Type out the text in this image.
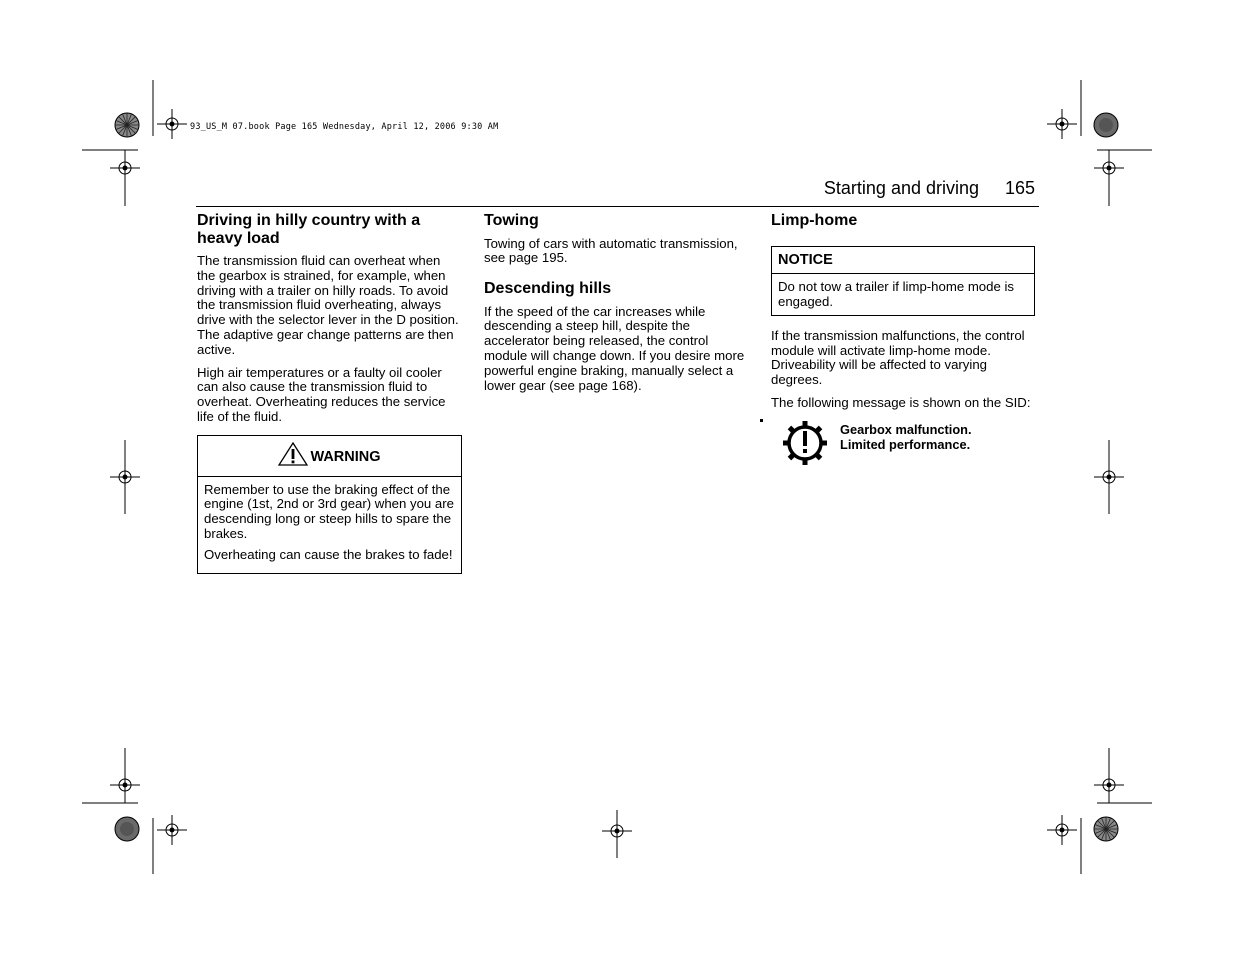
93_US_M 07.book Page 165 Wednesday, April 12, 2006 9:30 AM
Starting and driving 165
Driving in hilly country with a heavy load

The transmission fluid can overheat when the gearbox is strained, for example, when driving with a trailer on hilly roads. To avoid the transmission fluid overheating, always drive with the selector lever in the D position. The adaptive gear change patterns are then active.

High air temperatures or a faulty oil cooler can also cause the transmission fluid to overheat. Overheating reduces the service life of the fluid.

WARNING

Remember to use the braking effect of the engine (1st, 2nd or 3rd gear) when you are descending long or steep hills to spare the brakes.

Overheating can cause the brakes to fade!

Towing

Towing of cars with automatic transmission, see page 195.

Descending hills

If the speed of the car increases while descending a steep hill, despite the accelerator being released, the control module will change down. If you desire more powerful engine braking, manually select a lower gear (see page 168).

Limp-home
NOTICE

Do not tow a trailer if limp-home mode is engaged.

If the transmission malfunctions, the control module will activate limp-home mode. Driveability will be affected to varying degrees.

The following message is shown on the SID:

Gearbox malfunction.
Limited performance.
